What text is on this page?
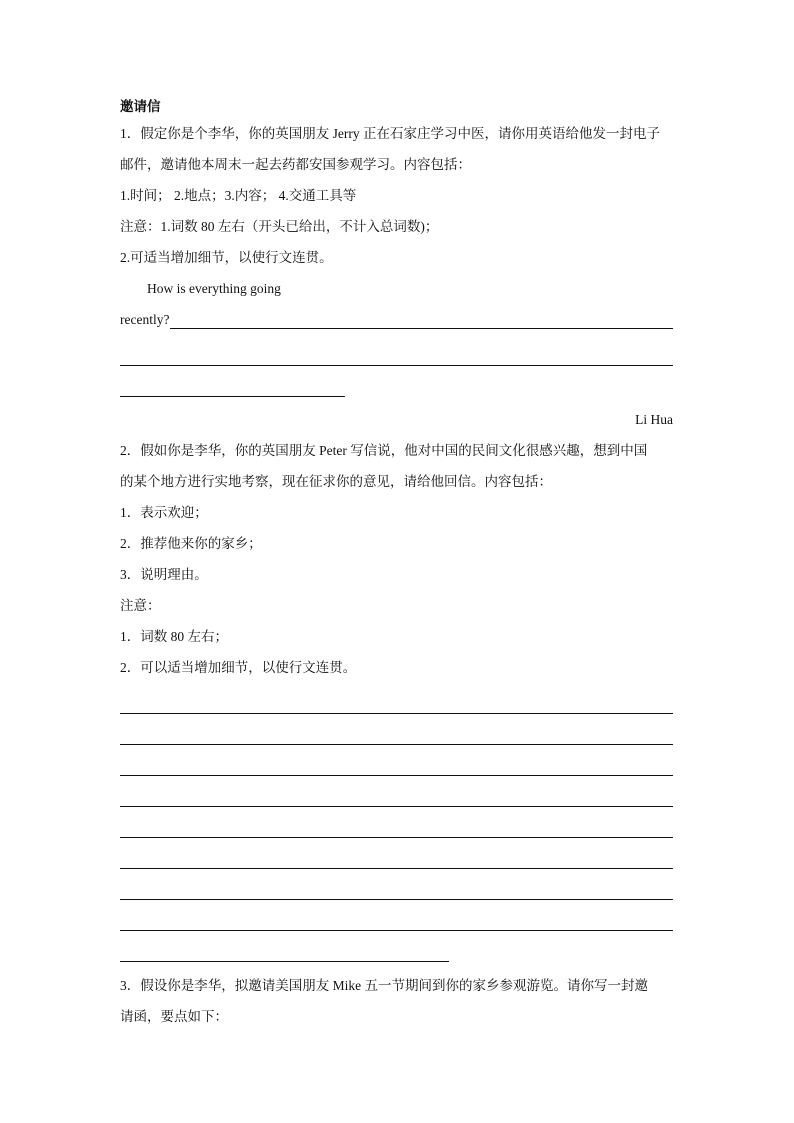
邀请信

1．假定你是个李华，你的英国朋友 Jerry 正在石家庄学习中医，请你用英语给他发一封电子

邮件，邀请他本周末一起去药都安国参观学习。内容包括：

1.时间； 2.地点；3.内容； 4.交通工具等

注意：1.词数 80 左右（开头已给出，不计入总词数)；

2.可适当增加细节，以使行文连贯。

How is everything going

recently?

Li Hua

2．假如你是李华，你的英国朋友 Peter 写信说，他对中国的民间文化很感兴趣，想到中国

的某个地方进行实地考察，现在征求你的意见，请给他回信。内容包括：

1．表示欢迎；

2．推荐他来你的家乡；

3．说明理由。

注意：

1．词数 80 左右；

2．可以适当增加细节，以使行文连贯。

3．假设你是李华，拟邀请美国朋友 Mike 五一节期间到你的家乡参观游览。请你写一封邀

请函，要点如下：
